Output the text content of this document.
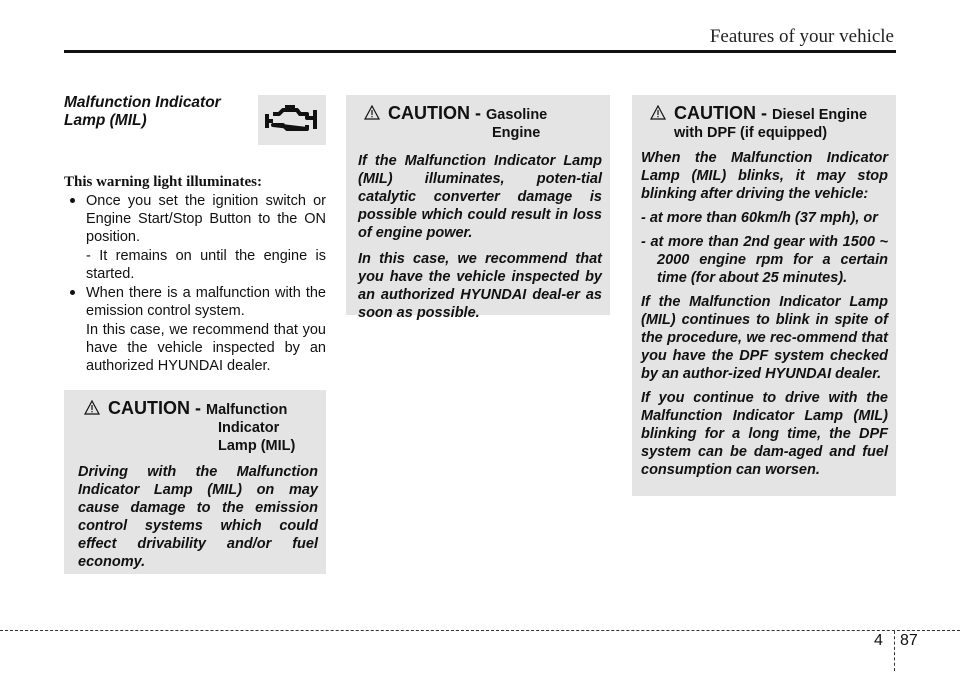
Features of your vehicle
Malfunction Indicator
Lamp (MIL)
This warning light illuminates:

Once you set the ignition switch or Engine Start/Stop Button to the ON position.

- It remains on until the engine is started.

When there is a malfunction with the emission control system.

In this case, we recommend that you have the vehicle inspected by an authorized HYUNDAI dealer.

CAUTION - Malfunction
Indicator
Lamp (MIL)

Driving with the Malfunction Indicator Lamp (MIL) on may cause damage to the emission control systems which could effect drivability and/or fuel economy.

CAUTION - Gasoline
Engine

If the Malfunction Indicator Lamp (MIL) illuminates, poten-tial catalytic converter damage is possible which could result in loss of engine power.

In this case, we recommend that you have the vehicle inspected by an authorized HYUNDAI deal-er as soon as possible.

CAUTION - Diesel Engine
with DPF (if equipped)

When the Malfunction Indicator Lamp (MIL) blinks, it may stop blinking after driving the vehicle:

- at more than 60km/h (37 mph), or

- at more than 2nd gear with 1500 ~ 2000 engine rpm for a certain time (for about 25 minutes).

If the Malfunction Indicator Lamp (MIL) continues to blink in spite of the procedure, we rec-ommend that you have the DPF system checked by an author-ized HYUNDAI dealer.

If you continue to drive with the Malfunction Indicator Lamp (MIL) blinking for a long time, the DPF system can be dam-aged and fuel consumption can worsen.

4 87
